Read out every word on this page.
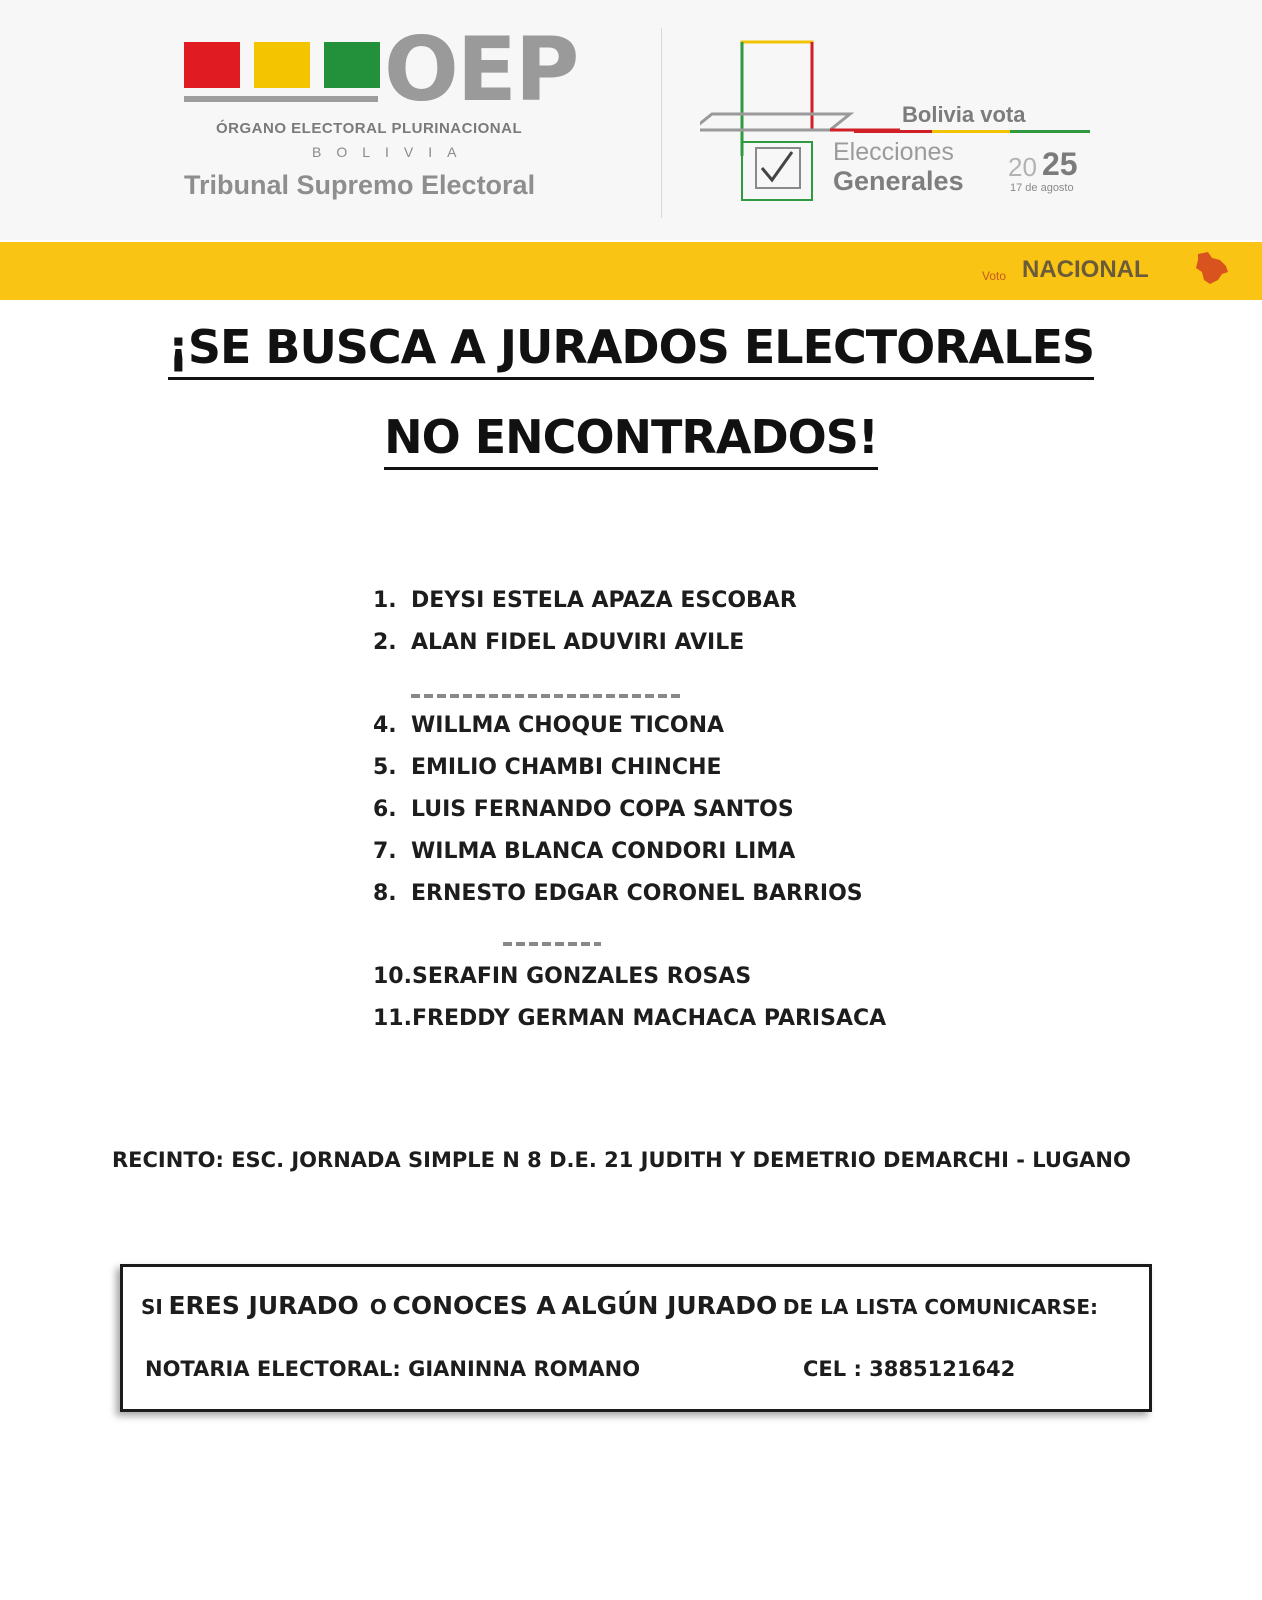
OEP
ÓRGANO ELECTORAL PLURINACIONAL
BOLIVIA
Tribunal Supremo Electoral
Bolivia vota
Elecciones
Generales 20 25
17 de agosto
Voto NACIONAL
¡SE BUSCA A JURADOS ELECTORALES
NO ENCONTRADOS!
1. DEYSI ESTELA APAZA ESCOBAR
2. ALAN FIDEL ADUVIRI AVILE
4. WILLMA CHOQUE TICONA
5. EMILIO CHAMBI CHINCHE
6. LUIS FERNANDO COPA SANTOS
7. WILMA BLANCA CONDORI LIMA
8. ERNESTO EDGAR CORONEL BARRIOS
10. SERAFIN GONZALES ROSAS
11. FREDDY GERMAN MACHACA PARISACA
RECINTO: ESC. JORNADA SIMPLE N 8 D.E. 21 JUDITH Y DEMETRIO DEMARCHI - LUGANO
SI ERES JURADO O CONOCES A ALGÚN JURADO DE LA LISTA COMUNICARSE:
NOTARIA ELECTORAL: GIANINNA ROMANO	CEL : 3885121642
